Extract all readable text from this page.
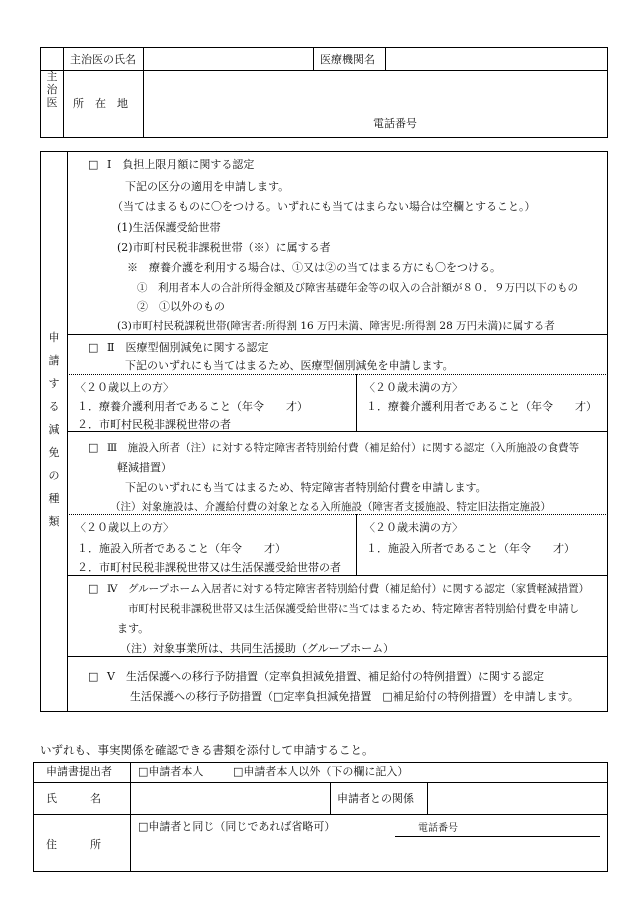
主
治
医
主治医の氏名	医療機関名
所　在　地
電話番号
申
請
す
る
減
免
の
種
類
□ Ⅰ　負担上限月額に関する認定
下記の区分の適用を申請します。
（当てはまるものに〇をつける。いずれにも当てはまらない場合は空欄とすること。）
(1)生活保護受給世帯
(2)市町村民税非課税世帯（※）に属する者
※　療養介護を利用する場合は、①又は②の当てはまる方にも〇をつける。
①　利用者本人の合計所得金額及び障害基礎年金等の収入の合計額が８０．９万円以下のもの
②　①以外のもの
(3)市町村民税課税世帯(障害者:所得割 16 万円未満、障害児:所得割 28 万円未満)に属する者
□ Ⅱ　医療型個別減免に関する認定
下記のいずれにも当てはまるため、医療型個別減免を申請します。
〈２０歳以上の方〉
１．療養介護利用者であること（年令　　才）
２．市町村民税非課税世帯の者
〈２０歳未満の方〉
１．療養介護利用者であること（年令　　才）
□ Ⅲ　施設入所者（注）に対する特定障害者特別給付費（補足給付）に関する認定（入所施設の食費等
軽減措置）
下記のいずれにも当てはまるため、特定障害者特別給付費を申請します。
（注）対象施設は、介護給付費の対象となる入所施設（障害者支援施設、特定旧法指定施設）
〈２０歳以上の方〉
１．施設入所者であること（年令　　才）
２．市町村民税非課税世帯又は生活保護受給世帯の者
〈２０歳未満の方〉
１．施設入所者であること（年令　　才）
□ Ⅳ　グループホーム入居者に対する特定障害者特別給付費（補足給付）に関する認定（家賃軽減措置）
市町村民税非課税世帯又は生活保護受給世帯に当てはまるため、特定障害者特別給付費を申請し
ます。
（注）対象事業所は、共同生活援助（グループホーム）
□ Ⅴ　生活保護への移行予防措置（定率負担減免措置、補足給付の特例措置）に関する認定
生活保護への移行予防措置（□定率負担減免措置　□補足給付の特例措置）を申請します。
いずれも、事実関係を確認できる書類を添付して申請すること。
申請書提出者 □申請者本人	□申請者本人以外（下の欄に記入）
氏　　　名	申請者との関係
住　　　所
□申請者と同じ（同じであれば省略可）	電話番号
